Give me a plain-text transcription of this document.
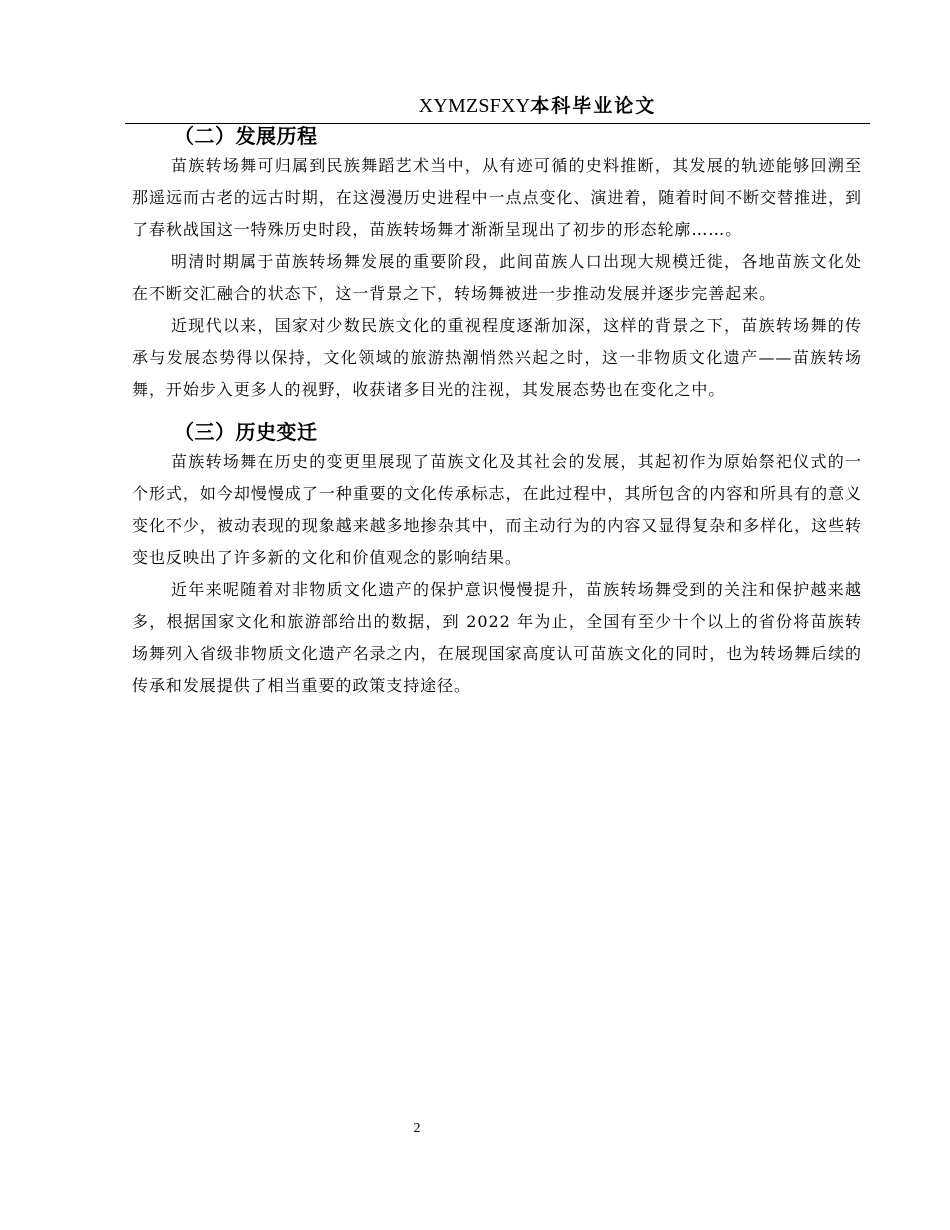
XYMZSFXY本科毕业论文
（二）发展历程

苗族转场舞可归属到民族舞蹈艺术当中，从有迹可循的史料推断，其发展的轨迹能够回溯至那遥远而古老的远古时期，在这漫漫历史进程中一点点变化、演进着，随着时间不断交替推进，到了春秋战国这一特殊历史时段，苗族转场舞才渐渐呈现出了初步的形态轮廓……。

明清时期属于苗族转场舞发展的重要阶段，此间苗族人口出现大规模迁徙，各地苗族文化处在不断交汇融合的状态下，这一背景之下，转场舞被进一步推动发展并逐步完善起来。

近现代以来，国家对少数民族文化的重视程度逐渐加深，这样的背景之下，苗族转场舞的传承与发展态势得以保持，文化领域的旅游热潮悄然兴起之时，这一非物质文化遗产——苗族转场舞，开始步入更多人的视野，收获诸多目光的注视，其发展态势也在变化之中。

（三）历史变迁

苗族转场舞在历史的变更里展现了苗族文化及其社会的发展，其起初作为原始祭祀仪式的一个形式，如今却慢慢成了一种重要的文化传承标志，在此过程中，其所包含的内容和所具有的意义变化不少，被动表现的现象越来越多地掺杂其中，而主动行为的内容又显得复杂和多样化，这些转变也反映出了许多新的文化和价值观念的影响结果。

近年来呢随着对非物质文化遗产的保护意识慢慢提升，苗族转场舞受到的关注和保护越来越多，根据国家文化和旅游部给出的数据，到 2022 年为止，全国有至少十个以上的省份将苗族转场舞列入省级非物质文化遗产名录之内，在展现国家高度认可苗族文化的同时，也为转场舞后续的传承和发展提供了相当重要的政策支持途径。

2
